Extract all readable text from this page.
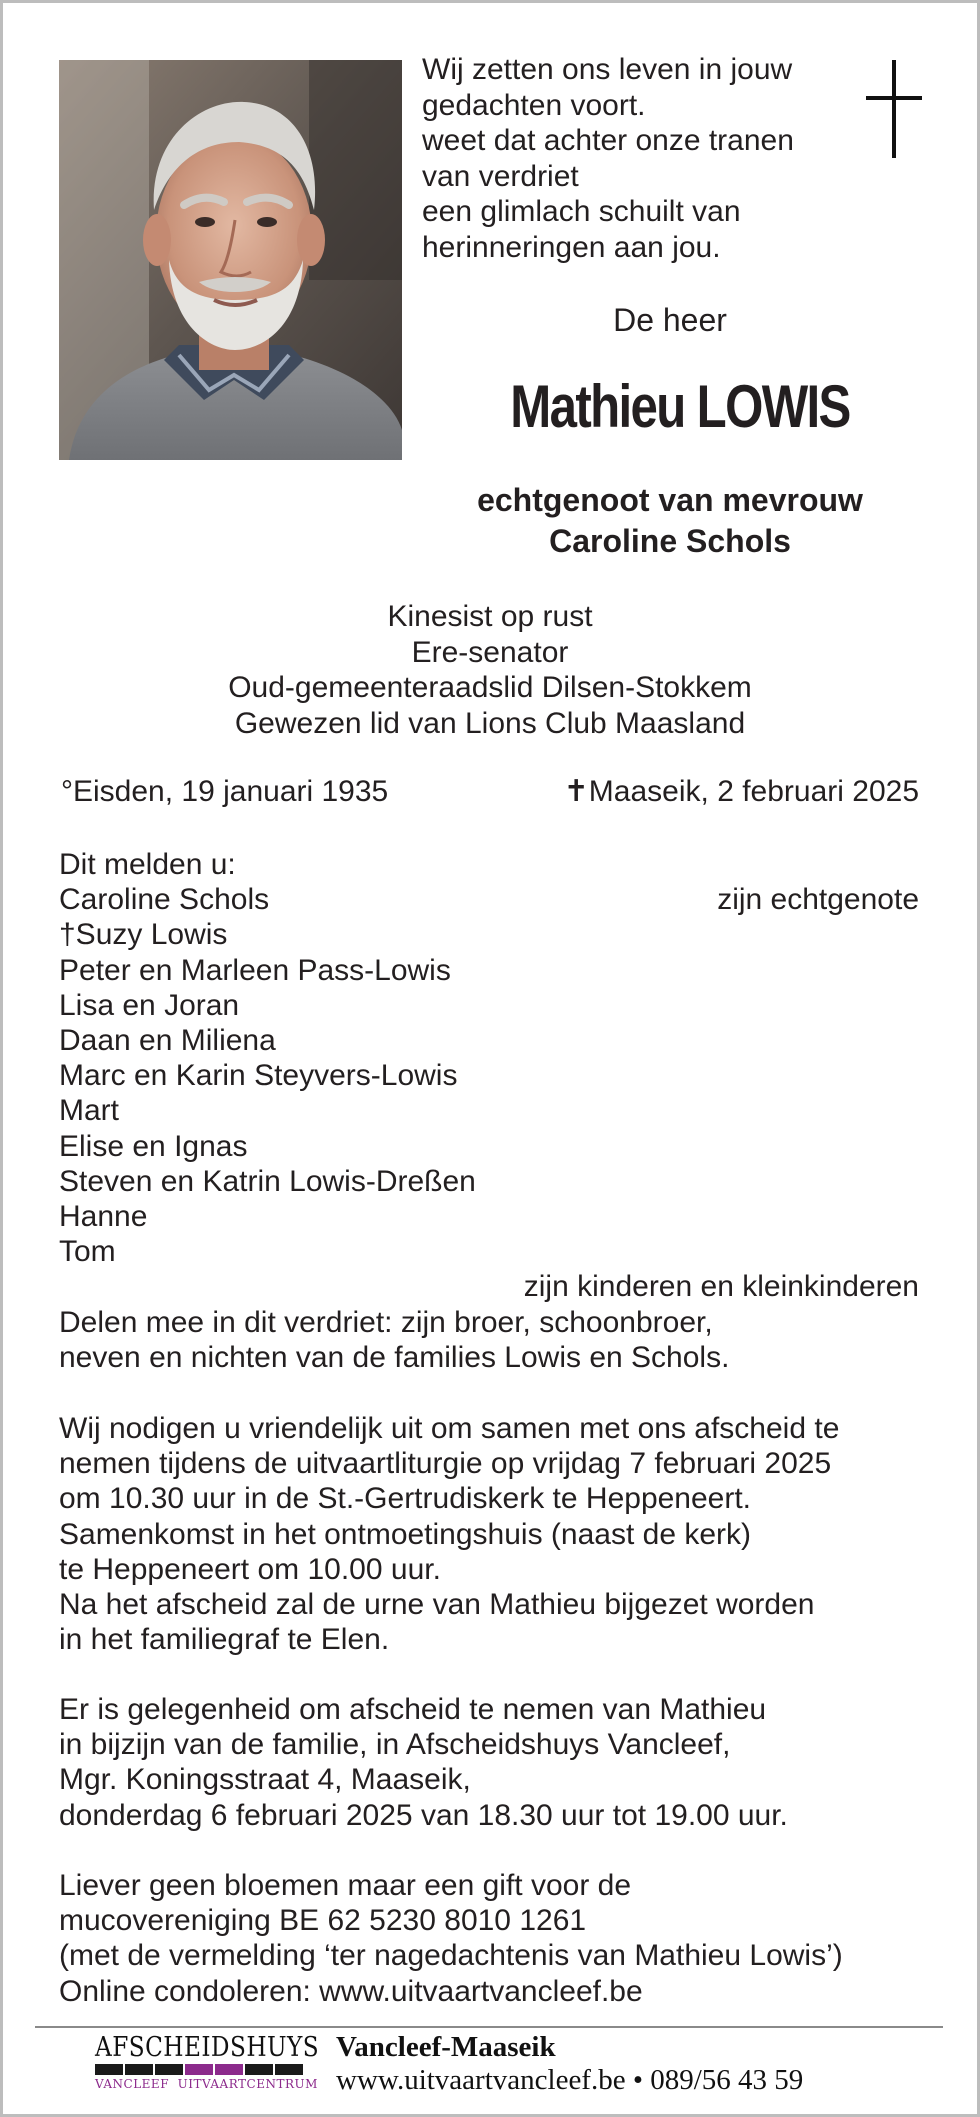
Wij zetten ons leven in jouw
gedachten voort.
weet dat achter onze tranen
van verdriet
een glimlach schuilt van
herinneringen aan jou.
De heer
Mathieu LOWIS
echtgenoot van mevrouw
Caroline Schols
Kinesist op rust
Ere-senator
Oud-gemeenteraadslid Dilsen-Stokkem
Gewezen lid van Lions Club Maasland
°Eisden, 19 januari 1935	✝Maaseik, 2 februari 2025
Dit melden u:
Caroline Schols	zijn echtgenote
†Suzy Lowis
Peter en Marleen Pass-Lowis
Lisa en Joran
Daan en Miliena
Marc en Karin Steyvers-Lowis
Mart
Elise en Ignas
Steven en Katrin Lowis-Dreßen
Hanne
Tom
zijn kinderen en kleinkinderen
Delen mee in dit verdriet: zijn broer, schoonbroer,
neven en nichten van de families Lowis en Schols.
Wij nodigen u vriendelijk uit om samen met ons afscheid te
nemen tijdens de uitvaartliturgie op vrijdag 7 februari 2025
om 10.30 uur in de St.-Gertrudiskerk te Heppeneert.
Samenkomst in het ontmoetingshuis (naast de kerk)
te Heppeneert om 10.00 uur.
Na het afscheid zal de urne van Mathieu bijgezet worden
in het familiegraf te Elen.
Er is gelegenheid om afscheid te nemen van Mathieu
in bijzijn van de familie, in Afscheidshuys Vancleef,
Mgr. Koningsstraat 4, Maaseik,
donderdag 6 februari 2025 van 18.30 uur tot 19.00 uur.
Liever geen bloemen maar een gift voor de
mucovereniging BE 62 5230 8010 1261
(met de vermelding ‘ter nagedachtenis van Mathieu Lowis’)
Online condoleren: www.uitvaartvancleef.be
AFSCHEIDSHUYS
VANCLEEF UITVAARTCENTRUM
Vancleef-Maaseik
www.uitvaartvancleef.be • 089/56 43 59
